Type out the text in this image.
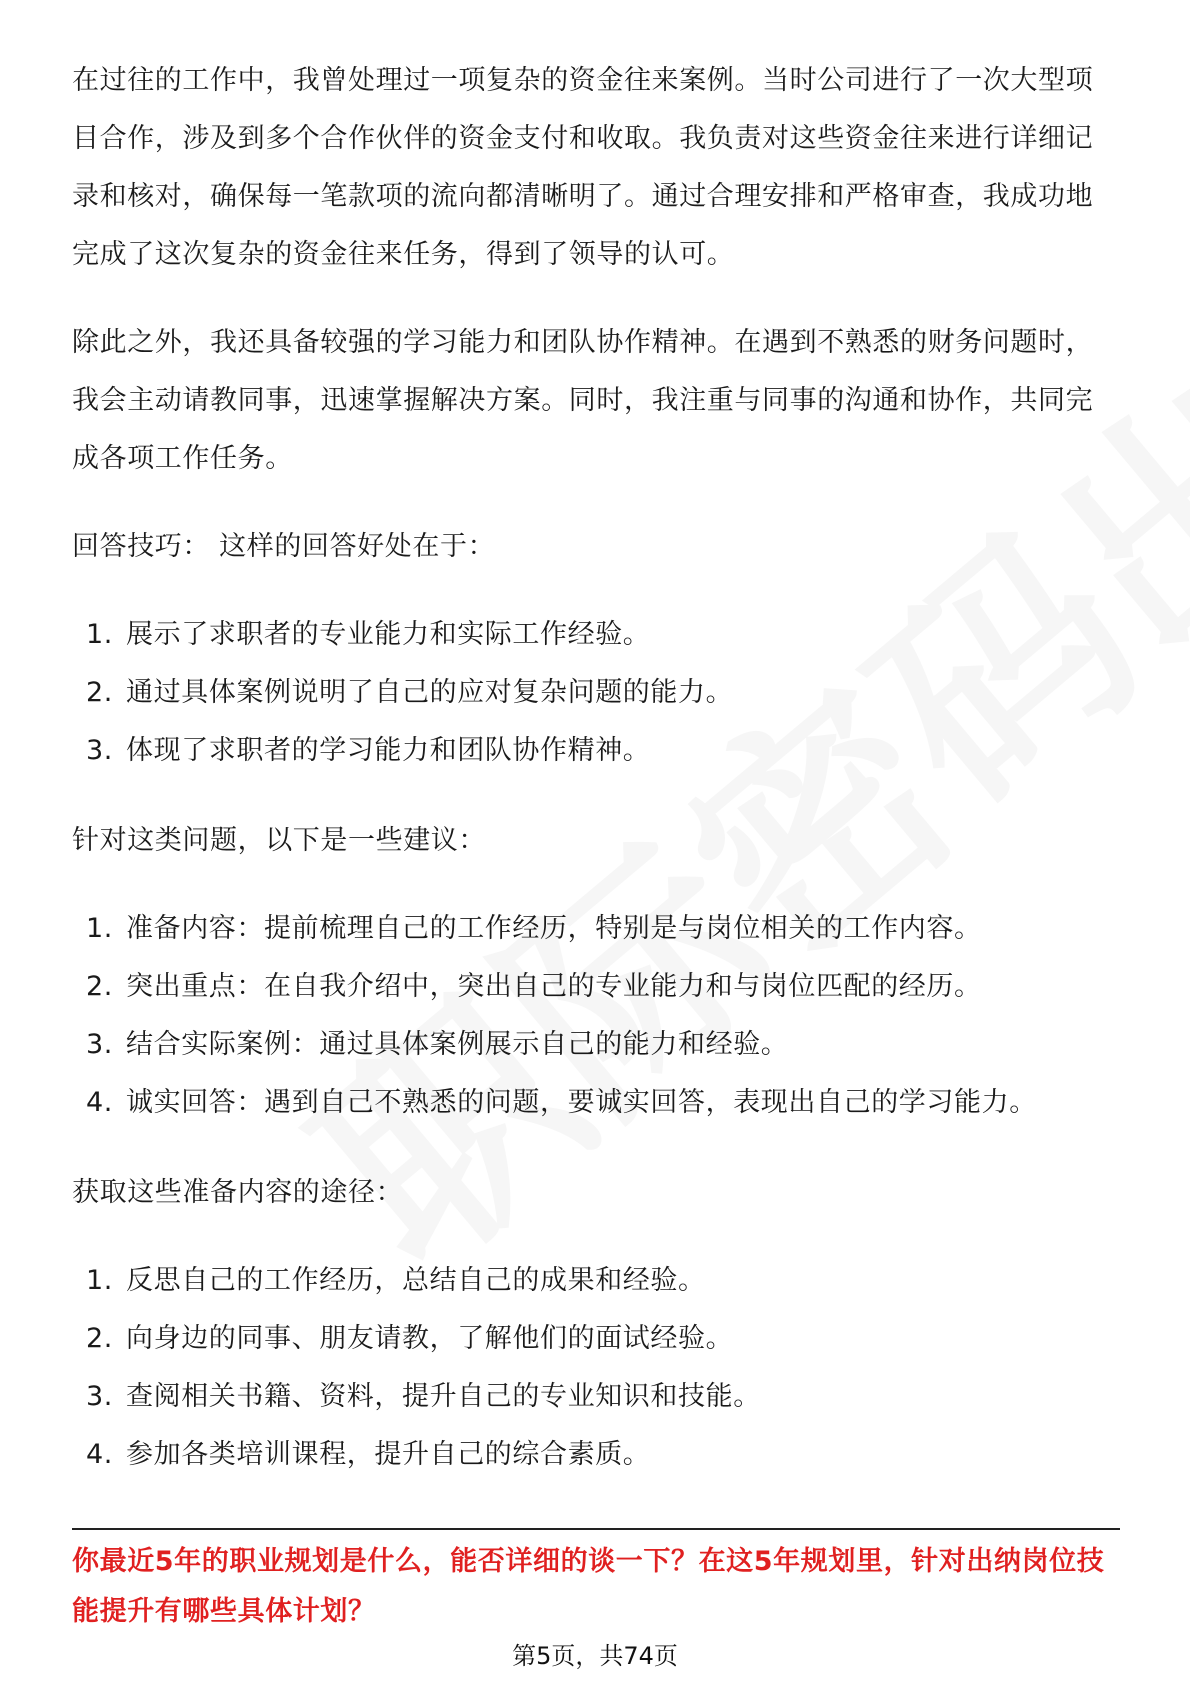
在过往的工作中，我曾处理过一项复杂的资金往来案例。当时公司进行了一次大型项目合作，涉及到多个合作伙伴的资金支付和收取。我负责对这些资金往来进行详细记录和核对，确保每一笔款项的流向都清晰明了。通过合理安排和严格审查，我成功地完成了这次复杂的资金往来任务，得到了领导的认可。

除此之外，我还具备较强的学习能力和团队协作精神。在遇到不熟悉的财务问题时，我会主动请教同事，迅速掌握解决方案。同时，我注重与同事的沟通和协作，共同完成各项工作任务。

回答技巧： 这样的回答好处在于：

1. 展示了求职者的专业能力和实际工作经验。
2. 通过具体案例说明了自己的应对复杂问题的能力。
3. 体现了求职者的学习能力和团队协作精神。

针对这类问题，以下是一些建议：

1. 准备内容：提前梳理自己的工作经历，特别是与岗位相关的工作内容。
2. 突出重点：在自我介绍中，突出自己的专业能力和与岗位匹配的经历。
3. 结合实际案例：通过具体案例展示自己的能力和经验。
4. 诚实回答：遇到自己不熟悉的问题，要诚实回答，表现出自己的学习能力。

获取这些准备内容的途径：

1. 反思自己的工作经历，总结自己的成果和经验。
2. 向身边的同事、朋友请教，了解他们的面试经验。
3. 查阅相关书籍、资料，提升自己的专业知识和技能。
4. 参加各类培训课程，提升自己的综合素质。
你最近5年的职业规划是什么，能否详细的谈一下？在这5年规划里，针对出纳岗位技能提升有哪些具体计划？
第5页，共74页
